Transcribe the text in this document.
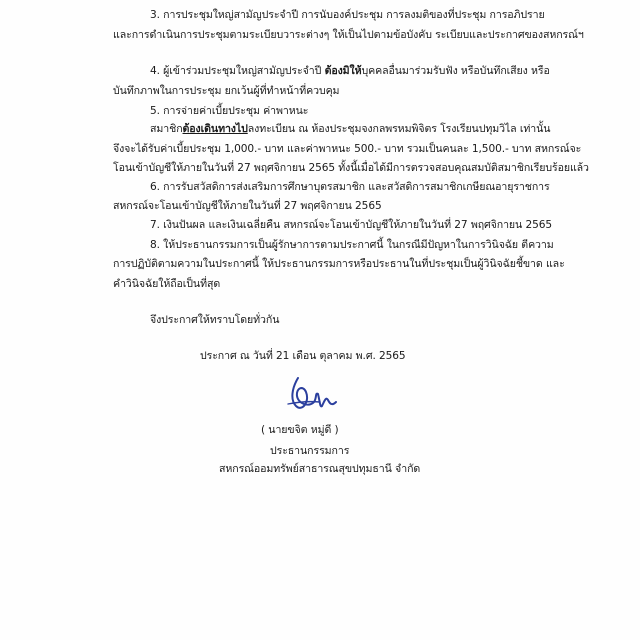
3. การประชุมใหญ่สามัญประจำปี การนับองค์ประชุม การลงมติของที่ประชุม การอภิปราย
และการดำเนินการประชุมตามระเบียบวาระต่างๆ ให้เป็นไปตามข้อบังคับ ระเบียบและประกาศของสหกรณ์ฯ
4. ผู้เข้าร่วมประชุมใหญ่สามัญประจำปี ต้องมิให้บุคคลอื่นมาร่วมรับฟัง หรือบันทึกเสียง หรือ
บันทึกภาพในการประชุม ยกเว้นผู้ที่ทำหน้าที่ควบคุม
5. การจ่ายค่าเบี้ยประชุม ค่าพาหนะ
สมาชิกต้องเดินทางไปลงทะเบียน ณ ห้องประชุมจงกลพรหมพิจิตร โรงเรียนปทุมวิไล เท่านั้น
จึงจะได้รับค่าเบี้ยประชุม 1,000.- บาท และค่าพาหนะ 500.- บาท รวมเป็นคนละ 1,500.- บาท สหกรณ์จะ
โอนเข้าบัญชีให้ภายในวันที่ 27 พฤศจิกายน 2565 ทั้งนี้เมื่อได้มีการตรวจสอบคุณสมบัติสมาชิกเรียบร้อยแล้ว
6. การรับสวัสดิการส่งเสริมการศึกษาบุตรสมาชิก และสวัสดิการสมาชิกเกษียณอายุราชการ
สหกรณ์จะโอนเข้าบัญชีให้ภายในวันที่ 27 พฤศจิกายน 2565
7. เงินปันผล และเงินเฉลี่ยคืน สหกรณ์จะโอนเข้าบัญชีให้ภายในวันที่ 27 พฤศจิกายน 2565
8. ให้ประธานกรรมการเป็นผู้รักษาการตามประกาศนี้ ในกรณีมีปัญหาในการวินิจฉัย ตีความ
การปฏิบัติตามความในประกาศนี้ ให้ประธานกรรมการหรือประธานในที่ประชุมเป็นผู้วินิจฉัยชี้ขาด และ
คำวินิจฉัยให้ถือเป็นที่สุด
จึงประกาศให้ทราบโดยทั่วกัน
ประกาศ ณ วันที่ 21 เดือน ตุลาคม พ.ศ. 2565
( นายขจิต หมู่ดี )
ประธานกรรมการ
สหกรณ์ออมทรัพย์สาธารณสุขปทุมธานี จำกัด
